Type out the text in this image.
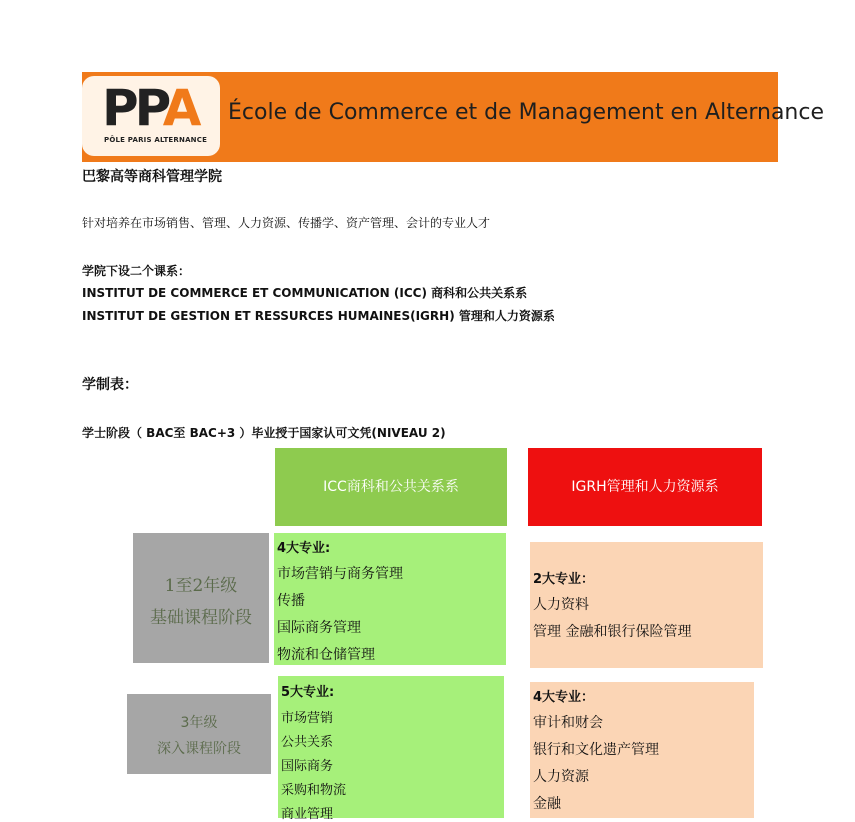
PPA
PÔLE PARIS ALTERNANCE
École de Commerce et de Management en Alternance
巴黎高等商科管理学院
针对培养在市场销售、管理、人力资源、传播学、资产管理、会计的专业人才
学院下设二个课系：
INSTITUT DE COMMERCE ET COMMUNICATION (ICC) 商科和公共关系系
INSTITUT DE GESTION ET RESSURCES HUMAINES(IGRH) 管理和人力资源系
学制表：
学士阶段（ BAC至 BAC+3 ）毕业授于国家认可文凭(NIVEAU 2)
ICC商科和公共关系系	IGRH管理和人力资源系
1至2年级
基础课程阶段
3年级
深入课程阶段
4大专业:
市场营销与商务管理
传播
国际商务管理
物流和仓储管理
5大专业:
市场营销
公共关系
国际商务
采购和物流
商业管理
2大专业：
人力资料
管理 金融和银行保险管理
4大专业：
审计和财会
银行和文化遗产管理
人力资源
金融
